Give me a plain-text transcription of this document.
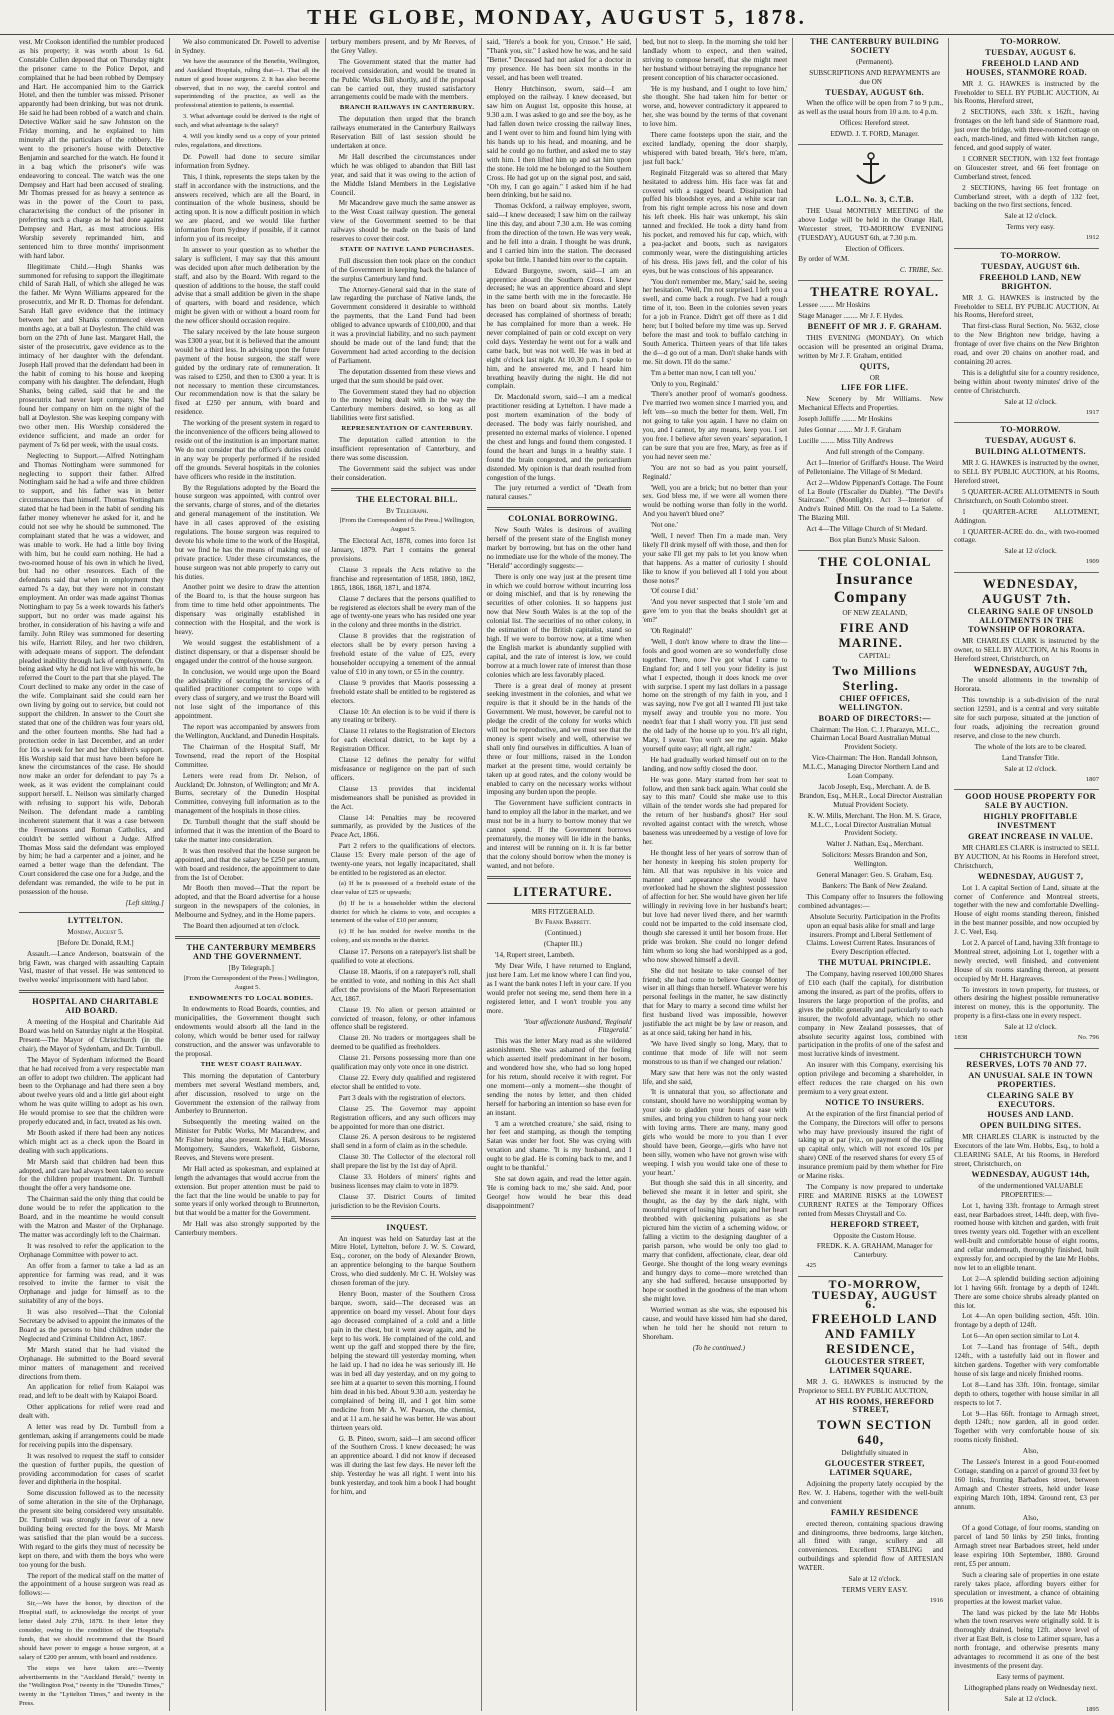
THE GLOBE, MONDAY, AUGUST 5, 1878.

vest. Mr Cookson identified the tumbler produced as his property; it was worth about 1s 6d. Constable Cullen deposed that on Thursday night the prisoner came to the Police Depot, and complained that he had been robbed by Dempsey and Hart. He accompanied him to the Garrick Hotel, and then the tumbler was missed. Prisoner apparently had been drinking, but was not drunk. He said he had been robbed of a watch and chain. Detective Walker said he saw Johnston on the Friday morning, and he explained to him minutely all the particulars of the robbery. He went to the prisoner's house with Detective Benjamin and searched for the watch. He found it in a bag which the prisoner's wife was endeavoring to conceal. The watch was the one Dempsey and Hart had been accused of stealing. Mr Thomas pressed for as heavy a sentence as was in the power of the Court to pass, characterising the conduct of the prisoner in preferring such a charge as he had done against Dempsey and Hart, as most atrocious. His Worship severely reprimanded him, and sentenced him to three months' imprisonment with hard labor.

Illegitimate Child.—Hugh Shanks was summoned for refusing to support the illegitimate child of Sarah Hall, of which she alleged he was the father. Mr Wynn Williams appeared for the prosecutrix, and Mr R. D. Thomas for defendant. Sarah Hall gave evidence that the intimacy between her and Shanks commenced eleven months ago, at a ball at Doyleston. The child was born on the 27th of June last. Margaret Hall, the sister of the prosecutrix, gave evidence as to the intimacy of her daughter with the defendant. Joseph Hall proved that the defendant had been in the habit of coming to his house and keeping company with his daughter. The defendant, Hugh Shanks, being called, said that he and the prosecutrix had never kept company. She had found her company on him on the night of the ball at Doyleston. She was keeping company with two other men. His Worship considered the evidence sufficient, and made an order for payment of 7s 6d per week, with the usual costs.

Neglecting to Support.—Alfred Nottingham and Thomas Nottingham were summoned for neglecting to support their father. Alfred Nottingham said he had a wife and three children to support, and his father was in better circumstances than himself. Thomas Nottingham stated that he had been in the habit of sending his father money whenever he asked for it, and he could not see why he should be summoned. The complainant stated that he was a widower, and was unable to work. He had a little boy living with him, but he could earn nothing. He had a two-roomed house of his own in which he lived, but had no other resources. Each of the defendants said that when in employment they earned 7s a day, but they were not in constant employment. An order was made against Thomas Nottingham to pay 5s a week towards his father's support, but no order was made against his brother, in consideration of his having a wife and family. John Riley was summoned for deserting his wife, Harriett Riley, and her two children, with adequate means of support. The defendant pleaded inability through lack of employment. On being asked why he did not live with his wife, he referred the Court to the part that she played. The Court declined to make any order in the case of the wife. Complainant said she could earn her own living by going out to service, but could not support the children. In answer to the Court she stated that one of the children was four years old, and the other fourteen months. She had had a protection order in last December, and an order for 10s a week for her and her children's support. His Worship said that must have been before he knew the circumstances of the case. He should now make an order for defendant to pay 7s a week, as it was evident the complainant could support herself. L. Neilson was similarly charged with refusing to support his wife, Deborah Neilson. The defendant made a rambling incoherent statement that it was a case between the Freemasons and Roman Catholics, and couldn't be settled without a Judge. Alfred Thomas Moss said the defendant was employed by him; he had a carpenter and a joiner, and he earned a better wage than the defendant. The Court considered the case one for a Judge, and the defendant was remanded, the wife to be put in possession of the house.

[Left sitting.]

LYTTELTON.

Monday, August 5.

[Before Dr. Donald, R.M.]

Assault.—Lance Anderson, boatswain of the brig Fawn, was charged with assaulting Captain Vasl, master of that vessel. He was sentenced to twelve weeks' imprisonment with hard labor.

HOSPITAL AND CHARITABLE AID BOARD.

A meeting of the Hospital and Charitable Aid Board was held on Saturday night at the Hospital. Present—The Mayor of Christchurch (in the chair), the Mayor of Sydenham, and Dr. Turnbull.

The Mayor of Sydenham informed the Board that he had received from a very respectable man an offer to adopt two children. The applicant had been to the Orphanage and had there seen a boy about twelve years old and a little girl about eight whom he was quite willing to adopt as his own. He would promise to see that the children were properly educated and, in fact, treated as his own.

Mr Booth asked if there had been any notices which might act as a check upon the Board in dealing with such applications.

Mr Marsh said that children had been thus adopted, and care had always been taken to secure for the children proper treatment. Dr. Turnbull thought the offer a very handsome one.

The Chairman said the only thing that could be done would be to refer the application to the Board, and in the meantime he would consult with the Matron and Master of the Orphanage. The matter was accordingly left to the Chairman.

It was resolved to refer the application to the Orphanage Committee with power to act.

An offer from a farmer to take a lad as an apprentice for farming was read, and it was resolved to invite the farmer to visit the Orphanage and judge for himself as to the suitability of any of the boys.

It was also resolved—That the Colonial Secretary be advised to appoint the inmates of the Board as the persons to bind children under the Neglected and Criminal Children Act, 1867.

Mr Marsh stated that he had visited the Orphanage. He submitted to the Board several minor matters of management and received directions from them.

An application for relief from Kaiapoi was read, and left to be dealt with by Kaiapoi Board.

Other applications for relief were read and dealt with.

A letter was read by Dr. Turnbull from a gentleman, asking if arrangements could be made for receiving pupils into the dispensary.

It was resolved to request the staff to consider the question of further pupils, the question of providing accommodation for cases of scarlet fever and diphtheria in the hospital.

Some discussion followed as to the necessity of some alteration in the site of the Orphanage, the present site being considered very unsuitable. Dr. Turnbull was strongly in favor of a new building being erected for the boys. Mr Marsh was satisfied that the plan would be a success. With regard to the girls they must of necessity be kept on there, and with them the boys who were too young for the bush.

The report of the medical staff on the matter of the appointment of a house surgeon was read as follows:—

Sir,—We have the honor, by direction of the Hospital staff, to acknowledge the receipt of your letter dated July 27th, 1878. In their letter they consider, owing to the condition of the Hospital's funds, that we should recommend that the Board should have power to engage a house surgeon, at a salary of £200 per annum, with board and residence.

The steps we have taken are:—Twenty advertisements in the "Auckland Herald," twenty in the "Wellington Post," twenty in the "Dunedin Times," twenty in the "Lyttelton Times," and twenty in the Press.

We also communicated Dr. Powell to advertise in Sydney.

We have the assurance of the Benefits, Wellington, and Auckland Hospitals, ruling that—1. That all the nature of good house surgeons. 2. It has also become observed, that in no way, the careful control and superintending of the practice, as well as the professional attention to patients, is essential.

3. What advantage could be derived is the right of such, and what advantage is the salary?

4. Will you kindly send us a copy of your printed rules, regulations, and directions.

Dr. Powell had done to secure similar information from Sydney.

This, I think, represents the steps taken by the staff in accordance with the instructions, and the answers received, which are all the Board, in continuation of the whole business, should be acting upon. It is now a difficult position in which we are placed, and we would like further information from Sydney if possible, if it cannot inform you of its receipt.

In answer to your question as to whether the salary is sufficient, I may say that this amount was decided upon after much deliberation by the staff, and also by the Board. With regard to the question of additions to the house, the staff could advise that a small addition be given in the shape of quarters, with board and residence, which might be given with or without a board room for the new officer should occasion require.

The salary received by the late house surgeon was £300 a year, but it is believed that the amount would be a third less. In advising upon the future payment of the house surgeon, the staff were guided by the ordinary rate of remuneration. It was raised to £250, and then to £300 a year. It is not necessary to mention these circumstances. Our recommendation now is that the salary be fixed at £250 per annum, with board and residence.

The working of the present system in regard to the inconvenience of the officers being allowed to reside out of the institution is an important matter. We do not consider that the officer's duties could in any way be properly performed if he resided off the grounds. Several hospitals in the colonies have officers who reside in the institution.

By the Regulations adopted by the Board the house surgeon was appointed, with control over the servants, charge of stores, and of the dietaries and general management of the institution. We have in all cases approved of the existing regulations. The house surgeon was required to devote his whole time to the work of the Hospital, but we find he has the means of making use of private practice. Under these circumstances, the house surgeon was not able properly to carry out his duties.

Another point we desire to draw the attention of the Board to, is that the house surgeon has from time to time held other appointments. The dispensary was originally established in connection with the Hospital, and the work is heavy.

We would suggest the establishment of a distinct dispensary, or that a dispenser should be engaged under the control of the house surgeon.

In conclusion, we would urge upon the Board the advisability of securing the services of a qualified practitioner competent to cope with every class of surgery, and we trust the Board will not lose sight of the importance of this appointment.

The report was accompanied by answers from the Wellington, Auckland, and Dunedin Hospitals.

The Chairman of the Hospital Staff, Mr Townsend, read the report of the Hospital Committee.

Letters were read from Dr. Nelson, of Auckland; Dr. Johnston, of Wellington; and Mr A. Burns, secretary of the Dunedin Hospital Committee, conveying full information as to the management of the hospitals in those cities.

Dr. Turnbull thought that the staff should be informed that it was the intention of the Board to take the matter into consideration.

It was then resolved that the house surgeon be appointed, and that the salary be £250 per annum, with board and residence, the appointment to date from the 1st of October.

Mr Booth then moved—That the report be adopted, and that the Board advertise for a house surgeon in the newspapers of the colonies, in Melbourne and Sydney, and in the Home papers.

The Board then adjourned at ten o'clock.

THE CANTERBURY MEMBERS AND THE GOVERNMENT.

[By Telegraph.]

[From the Correspondent of the Press.] Wellington, August 5.

ENDOWMENTS TO LOCAL BODIES.

In endowments to Road Boards, counties, and municipalities, the Government thought such endowments would absorb all the land in the colony, which would be better used for railway construction, and the answer was unfavorable to the proposal.

THE WEST COAST RAILWAY.

This morning the deputation of Canterbury members met several Westland members, and, after discussion, resolved to urge on the Government the extension of the railway from Amberley to Brunnerton.

Subsequently the meeting waited on the Minister for Public Works, Mr Macandrew, and Mr Fisher being also present. Mr J. Hall, Messrs Montgomery, Saunders, Wakefield, Gisborne, Reeves, and Stevens were present.

Mr Hall acted as spokesman, and explained at length the advantages that would accrue from the extension. But proper attention must be paid to the fact that the line would be unable to pay for some years if only worked through to Brunnerton, but that would be a matter for the Government.

Mr Hall was also strongly supported by the Canterbury members.

terbury members present, and by Mr Reeves, of the Grey Valley.

The Government stated that the matter had received consideration, and would be treated in the Public Works Bill shortly, and if the proposal can be carried out, they trusted satisfactory arrangements could be made with the members.

BRANCH RAILWAYS IN CANTERBURY.

The deputation then urged that the branch railways enumerated in the Canterbury Railways Reservation Bill of last session should be undertaken at once.

Mr Hall described the circumstances under which he was obliged to abandon that Bill last year, and said that it was owing to the action of the Middle Island Members in the Legislative Council.

Mr Macandrew gave much the same answer as to the West Coast railway question. The general view of the Government seemed to be that railways should be made on the basis of land reserves to cover their cost.

STATE OF NATIVE LAND PURCHASES.

Full discussion then took place on the conduct of the Government in keeping back the balance of the surplus Canterbury land fund.

The Attorney-General said that in the state of law regarding the purchase of Native lands, the Government considered it desirable to withhold the payments, that the Land Fund had been obliged to advance upwards of £100,000, and that it was a provincial liability, and no such payment should be made out of the land fund; that the Government had acted according to the decision of Parliament.

The deputation dissented from these views and urged that the sum should be paid over.

The Government stated they had no objection to the money being dealt with in the way the Canterbury members desired, so long as all liabilities were first satisfied.

REPRESENTATION OF CANTERBURY.

The deputation called attention to the insufficient representation of Canterbury, and there was some discussion.

The Government said the subject was under their consideration.

THE ELECTORAL BILL.

By Telegraph.

[From the Correspondent of the Press.] Wellington, August 5.

The Electoral Act, 1878, comes into force 1st January, 1879. Part I contains the general provisions.

Clause 3 repeals the Acts relative to the franchise and representation of 1858, 1860, 1862, 1865, 1866, 1868, 1871, and 1874.

Clause 7 declares that the persons qualified to be registered as electors shall be every man of the age of twenty-one years who has resided one year in the colony and three months in the district.

Clause 8 provides that the registration of electors shall be by every person having a freehold estate of the value of £25, every householder occupying a tenement of the annual value of £10 in any town, or £5 in the country.

Clause 9 provides that Maoris possessing a freehold estate shall be entitled to be registered as electors.

Clause 10: An election is to be void if there is any treating or bribery.

Clause 11 relates to the Registration of Electors for each electoral district, to be kept by a Registration Officer.

Clause 12 defines the penalty for wilful misfeasance or negligence on the part of such officers.

Clause 13 provides that incidental misdemeanors shall be punished as provided in the Act.

Clause 14: Penalties may be recovered summarily, as provided by the Justices of the Peace Act, 1866.

Part 2 refers to the qualifications of electors. Clause 15: Every male person of the age of twenty-one years, not legally incapacitated, shall be entitled to be registered as an elector.

(a) If he is possessed of a freehold estate of the clear value of £25 or upwards;

(b) If he is a householder within the electoral district for which he claims to vote, and occupies a tenement of the value of £10 per annum;

(c) If he has resided for twelve months in the colony, and six months in the district.

Clause 17. Persons on a ratepayer's list shall be qualified to vote at elections.

Clause 18. Maoris, if on a ratepayer's roll, shall be entitled to vote, and nothing in this Act shall affect the provisions of the Maori Representation Act, 1867.

Clause 19. No alien or person attainted or convicted of treason, felony, or other infamous offence shall be registered.

Clause 20. No traders or mortgagees shall be deemed to be qualified as freeholders.

Clause 21. Persons possessing more than one qualification may only vote once in one district.

Clause 22. Every duly qualified and registered elector shall be entitled to vote.

Part 3 deals with the registration of electors.

Clause 25. The Governor may appoint Registration officers, and any such officers may be appointed for more than one district.

Clause 26. A person desirous to be registered shall send in a form of claim as in the schedule.

Clause 30. The Collector of the electoral roll shall prepare the list by the 1st day of April.

Clause 33. Holders of miners' rights and business licenses may claim to vote in 1879.

Clause 37. District Courts of limited jurisdiction to be the Revision Courts.

INQUEST.

An inquest was held on Saturday last at the Mitre Hotel, Lyttelton, before J. W. S. Coward, Esq., coroner, on the body of Alexander Brown, an apprentice belonging to the barque Southern Cross, who died suddenly. Mr C. H. Wolsley was chosen foreman of the jury.

Henry Boon, master of the Southern Cross barque, sworn, said—The deceased was an apprentice on board my vessel. About four days ago deceased complained of a cold and a little pain in the chest, but it went away again, and he kept to his work. He complained of the cold, and went up the gaff and stopped there by the fire, helping the steward till yesterday morning, when he laid up. I had no idea he was seriously ill. He was in bed all day yesterday, and on my going to see him at a quarter to seven this morning, I found him dead in his bed. About 9.30 a.m. yesterday he complained of being ill, and I got him some medicine from Mr A. W. Pearson, the chemist, and at 11 a.m. he said he was better. He was about thirteen years old.

G. B. Pineo, sworn, said—I am second officer of the Southern Cross. I knew deceased; he was an apprentice aboard. I did not know if deceased was ill during the last few days. He never left the ship. Yesterday he was all right. I went into his bunk yesterday, and took him a book I had bought for him, and

said, "Here's a book for you, Crusoe." He said, "Thank you, sir." I asked how he was, and he said "Better." Deceased had not asked for a doctor in my presence. He has been six months in the vessel, and has been well treated.

Henry Hutchinson, sworn, said—I am employed on the railway. I knew deceased, but saw him on August 1st, opposite this house, at 9.30 a.m. I was asked to go and see the boy, as he had fallen down twice crossing the railway lines, and I went over to him and found him lying with his hands up to his head, and moaning, and he said he could go no further, and asked me to stay with him. I then lifted him up and sat him upon the stone. He told me he belonged to the Southern Cross. He had got up on the signal post, and said, "Oh my, I can go again." I asked him if he had been drinking, but he said no.

Thomas Ockford, a railway employee, sworn, said—I knew deceased; I saw him on the railway line this day, and about 7.30 a.m. He was coming from the direction of the town. He was very weak, and he fell into a drain. I thought he was drunk, and I carried him into the station. The deceased spoke but little. I handed him over to the captain.

Edward Burgoyne, sworn, said—I am an apprentice aboard the Southern Cross. I knew deceased; he was an apprentice aboard and slept in the same berth with me in the forecastle. He has been on board about six months. Lately deceased has complained of shortness of breath; he has complained for more than a week. He never complained of pain or cold except on very cold days. Yesterday he went out for a walk and came back, but was not well. He was in bed at eight o'clock last night. At 10.30 p.m. I spoke to him, and he answered me, and I heard him breathing heavily during the night. He did not complain.

Dr. Macdonald sworn, said—I am a medical practitioner residing at Lyttelton. I have made a post mortem examination of the body of deceased. The body was fairly nourished, and presented no external marks of violence. I opened the chest and lungs and found them congested. I found the heart and lungs in a healthy state. I found the brain congested, and the pericardium distended. My opinion is that death resulted from congestion of the lungs.

The jury returned a verdict of "Death from natural causes."

COLONIAL BORROWING.

New South Wales is desirous of availing herself of the present state of the English money market by borrowing, but has on the other hand no immediate use for the whole of the money. The "Herald" accordingly suggests:—

There is only one way just at the present time in which we could borrow without incurring loss or doing mischief, and that is by renewing the securities of other colonies. It so happens just now that New South Wales is at the top of the colonial list. The securities of no other colony, in the estimation of the British capitalist, stand so high. If we were to borrow now, at a time when the English market is abundantly supplied with capital, and the rate of interest is low, we could borrow at a much lower rate of interest than those colonies which are less favorably placed.

There is a great deal of money at present seeking investment in the colonies, and what we require is that it should be in the hands of the Government. We must, however, be careful not to pledge the credit of the colony for works which will not be reproductive, and we must see that the money is spent wisely and well, otherwise we shall only find ourselves in difficulties. A loan of three or four millions, raised in the London market at the present time, would certainly be taken up at good rates, and the colony would be enabled to carry on the necessary works without imposing any burden upon the people.

The Government have sufficient contracts in hand to employ all the labor in the market, and we must not be in a hurry to borrow money that we cannot spend. If the Government borrows prematurely, the money will lie idle in the banks, and interest will be running on it. It is far better that the colony should borrow when the money is wanted, and not before.

LITERATURE.

MRS FITZGERALD.

By Frank Barrett.

(Continued.)

(Chapter III.)

'14, Rupert street, Lambeth.

'My Dear Wife, I have returned to England, just here I am. Let me know where I can find you, as I want the bank notes I left in your care. If you would prefer not seeing me, send them here in a registered letter, and I won't trouble you any more.

'Your affectionate husband, 'Reginald Fitzgerald.'

This was the letter Mary read as she wildered astonishment. She was ashamed of the feeling which asserted itself predominant in her bosom, and wondered how she, who had so long hoped for his return, should receive it with regret. For one moment—only a moment—she thought of sending the notes by letter, and then chided herself for harboring an intention so base even for an instant.

'I am a wretched creature,' she said, rising to her feet and stamping, as though the tempting Satan was under her foot. She was crying with vexation and shame. 'It is my husband, and I ought to be glad. He is coming back to me, and I ought to be thankful.'

She sat down again, and read the letter again. 'He is coming back to me,' she said. And, poor George! how would he bear this dead disappointment?

bed, but not to sleep. In the morning she told her landlady whom to expect, and then waited, striving to compose herself, that she might meet her husband without betraying the repugnance her present conception of his character occasioned.

'He is my husband, and I ought to love him,' she thought. She had taken him for better or worse, and, however contradictory it appeared to her, she was bound by the terms of that covenant to love him.

There came footsteps upon the stair, and the excited landlady, opening the door sharply, whispered with bated breath, 'He's here, m'am, just full back.'

Reginald Fitzgerald was so altered that Mary hesitated to address him. His face was fat and covered with a ragged beard. Dissipation had puffed his bloodshot eyes, and a white scar ran from his right temple across his nose and down his left cheek. His hair was unkempt, his skin tanned and freckled. He took a dirty hand from his pocket, and removed his fur cap, which, with a pea-jacket and boots, such as navigators commonly wear, were the distinguishing articles of his dress. His jaws fell, and the color of his eyes, but he was conscious of his appearance.

'You don't remember me, Mary,' said he, seeing her hesitation. 'Well, I'm not surprised. I left you a swell, and come back a rough. I've had a rough time of it, too. Been in the colonies seven years for a job in France. Didn't get off there as I did here; but I bolted before my time was up. Served before the mast and took to buffalo catching in South America. Thirteen years of that life takes the d—d go out of a man. Don't shake hands with me. Sit down. I'll do the same.'

'I'm a better man now, I can tell you.'

'Only to you, Reginald.'

'There's another proof of woman's goodness. I've married two women since I married you, and left 'em—so much the better for them. Well, I'm not going to take you again. I have no claim on you, and I cannot, by any means, keep you. I set you free. I believe after seven years' separation, I can be sure that you are free, Mary, as free as if you had never seen me.'

'You are not so bad as you paint yourself, Reginald.'

'Well, you are a brick; but no better than your sex. God bless me, if we were all women there would be nothing worse than folly in the world. And you haven't blued one?'

'Not one.'

'Well, I never! Then I'm a made man. Very likely I'll drink myself off with those, and then for your sake I'll get my pals to let you know when that happens. As a matter of curiosity I should like to know if you believed all I told you about those notes?'

'Of course I did.'

'And you never suspected that I stole 'em and gave 'em to you that the beaks shouldn't get at 'em?'

'Oh Reginald!'

'Well, I don't know where to draw the line—fools and good women are so wonderfully close together. There, now I've got what I came to England for; and I tell you your fidelity is just what I expected, though it does knock me over with surprise. I spent my last dollars in a passage home on the strength of my faith in you, and I was saying, now I've got all I wanted I'll just take myself away and trouble you no more. You needn't fear that I shall worry you. I'll just send the old lady of the house up to you. It's all right, Mary, I swear. You won't see me again. Make yourself quite easy; all right, all right.'

He had gradually worked himself out on to the landing, and now softly closed the door.

He was gone. Mary started from her seat to follow, and then sank back again. What could she say to this man? Could she make use to this villain of the tender words she had prepared for the return of her husband's ghost? Her soul revolted against contact with the wretch, whose baseness was unredeemed by a vestige of love for her.

He thought less of her years of sorrow than of her honesty in keeping his stolen property for him. All that was repulsive in his voice and manner and appearance she would have overlooked had he shown the slightest possession of affection for her. She would have given her life willingly in reviving love in her husband's heart; but love had never lived there, and her warmth could not be imparted to the cold insensate clod, though she caressed it until her bosom froze. Her pride was broken. She could no longer defend him whom so long she had worshipped as a god, who now showed himself a devil.

She did not hesitate to take counsel of her friend; she had come to believe George Montey wiser in all things than herself. Whatever were his personal feelings in the matter, he saw distinctly that for Mary to marry a second time whilst her first husband lived was impossible, however justifiable the act might be by law or reason, and as at once said, taking her hand in his,

'We have lived singly so long, Mary, that to continue that mode of life will not seem monstrous to us than if we changed our relation.'

Mary saw that here was not the only wasted life, and she said,

'It is unnatural that you, so affectionate and constant, should have no worshipping woman by your side to gladden your hours of ease with smiles, and bring you children to hang your neck with loving arms. There are many, many good girls who would be more to you than I ever should have been, George,—girls who have not been silly, women who have not grown wise with weeping. I wish you would take one of these to your heart.'

But though she said this in all sincerity, and believed she meant it in letter and spirit, she thought, as the day by the dark night, with mournful regret of losing him again; and her heart throbbed with quickening pulsations as she pictured him the victim of a scheming widow, or falling a victim to the designing daughter of a parish parson, who would be only too glad to marry that confident, affectionate, clear, dear old George. She thought of the long weary evenings and hungry days to come—more wretched than any she had suffered, because unsupported by hope or soothed in the goodness of the man whom she might love.

Worried woman as she was, she espoused his cause, and would have kissed him had she dared, when he told her he should not return to Shoreham.

(To be continued.)

THE CANTERBURY BUILDING SOCIETY

(Permanent).

SUBSCRIPTIONS AND REPAYMENTS are due ON

TUESDAY, AUGUST 6th.

When the office will be open from 7 to 9 p.m., as well as the usual hours from 10 a.m. to 4 p.m.

Offices: Hereford street.

EDWD. J. T. FORD, Manager.

L.O.L. No. 3, C.T.B.

THE Usual MONTHLY MEETING of the above Lodge will be held in the Orange Hall, Worcester street, TO-MORROW EVENING (TUESDAY), AUGUST 6th, at 7.30 p.m.

Election of Officers.

By order of W.M.

C. TRIBE, Sec.

THEATRE ROYAL.

Lessee ........ Mr Hoskins

Stage Manager ........ Mr J. F. Hydes.

BENEFIT OF MR J. F. GRAHAM.

THIS EVENING (MONDAY). On which occasion will be presented an original Drama, written by Mr J. F. Graham, entitled

QUITS,

OR

LIFE FOR LIFE.

New Scenery by Mr Williams. New Mechanical Effects and Properties.

Joseph Jolliffe ........ Mr Hoskins

Jules Gonnar ........ Mr J. F. Graham

Lucille ........ Miss Tilly Andrews

And full strength of the Company.

Act I—Interior of Griffard's House. The Weird of Pelletoniaine. The Village of St Medard.

Act 2—Widow Pippenard's Cottage. The Fount of La Boule (l'Escalier du Diable). "The Devil's Staircase." (Moonlight). Act 3—Interior of Andre's Ruined Mill. On the road to La Salette. The Blazing Mill.

Act 4—The Village Church of St Medard.

Box plan Bunz's Music Saloon.

THE COLONIAL

Insurance Company

OF NEW ZEALAND,

FIRE AND MARINE.

CAPITAL:

Two Millions Sterling.

CHIEF OFFICES, WELLINGTON.

BOARD OF DIRECTORS:—

Chairman: The Hon. C. J. Pharazyn, M.L.C., Chairman Local Board Australian Mutual Provident Society.

Vice-Chairman: The Hon. Randall Johnson, M.L.C., Managing Director Northern Land and Loan Company.

Jacob Joseph, Esq., Merchant. A. de B. Brandon, Esq., M.H.R., Local Director Australian Mutual Provident Society.

K. W. Mills, Merchant. The Hon. M. S. Grace, M.L.C., Local Director Australian Mutual Provident Society.

Walter J. Nathan, Esq., Merchant.

Solicitors: Messrs Brandon and Son, Wellington.

General Manager: Geo. S. Graham, Esq.

Bankers: The Bank of New Zealand.

This Company offer to Insurers the following combined advantages:—

Absolute Security. Participation in the Profits upon an equal basis alike for small and large insurers. Prompt and Liberal Settlement of Claims. Lowest Current Rates. Insurances of Every Description effected.

THE MUTUAL PRINCIPLE.

The Company, having reserved 100,000 Shares of £10 each (half the capital), for distribution among the insured, as part of the profits, offers to Insurers the large proportion of the profits, and gives the public generally and particularly to each insurer, the twofold advantage, which no other company in New Zealand possesses, that of absolute security against loss, combined with participation in the profits of one of the safest and most lucrative kinds of investment.

An insurer with this Company, exercising his option privilege and becoming a shareholder, in effect reduces the rate charged on his own premium to a very great extent.

NOTICE TO INSURERS.

At the expiration of the first financial period of the Company, the Directors will offer to persons who may have previously insured the right of taking up at par (viz., on payment of the calling up capital only, which will not exceed 10s per share) ONE of the reserved shares for every £5 of insurance premium paid by them whether for Fire or Marine risks.

The Company is now prepared to undertake FIRE and MARINE RISKS at the LOWEST CURRENT RATES at the Temporary Offices rented from Messrs Chrystall and Co.

HEREFORD STREET,

Opposite the Custom House.

FREDK. K. A. GRAHAM, Manager for Canterbury.

425

TO-MORROW,

TUESDAY, AUGUST 6.

FREEHOLD LAND AND FAMILY RESIDENCE,

GLOUCESTER STREET, LATIMER SQUARE.

MR J. G. HAWKES is instructed by the Proprietor to SELL BY PUBLIC AUCTION,

AT HIS ROOMS, HEREFORD STREET,

TOWN SECTION 640,

Delightfully situated in

GLOUCESTER STREET, LATIMER SQUARE,

Adjoining the property lately occupied by the Rev. W. J. Habens, together with the well-built and convenient

FAMILY RESIDENCE

erected thereon, containing spacious drawing and diningrooms, three bedrooms, large kitchen, all fitted with range, scullery and all conveniences. Excellent STABLING and outbuildings and splendid flow of ARTESIAN WATER.

Sale at 12 o'clock.

TERMS VERY EASY.

1916

TO-MORROW.

TUESDAY, AUGUST 6.

FREEHOLD LAND AND HOUSES, STANMORE ROAD.

MR J. G. HAWKES is instructed by the Freeholder to SELL BY PUBLIC AUCTION, At his Rooms, Hereford street,

2 SECTIONS, each 33ft. x 162ft., having frontages on the left hand side of Stanmore road, just over the bridge, with three-roomed cottage on each, match-lined, and fitted with kitchen range, fenced, and good supply of water.

1 CORNER SECTION, with 132 feet frontage on Gloucester street, and 66 feet frontage on Cumberland street, fenced.

2 SECTIONS, having 66 feet frontage on Cumberland street, with a depth of 132 feet, backing on the two first sections, fenced.

Sale at 12 o'clock.

Terms very easy.

1912

TO-MORROW.

TUESDAY, AUGUST 6th.

FREEHOLD LAND, NEW BRIGHTON.

MR J. G. HAWKES is instructed by the Freeholder to SELL BY PUBLIC AUCTION, At his Rooms, Hereford street,

That first-class Rural Section, No. 5632, close to the New Brighton new bridge, having a frontage of over five chains on the New Brighton road, and over 20 chains on another road, and containing 20 acres.

This is a delightful site for a country residence, being within about twenty minutes' drive of the centre of Christchurch.

Sale at 12 o'clock.

1917

TO-MORROW.

TUESDAY, AUGUST 6.

BUILDING ALLOTMENTS.

MR J. G. HAWKES is instructed by the owner, to SELL BY PUBLIC AUCTION, at his Rooms, Hereford street,

5 QUARTER-ACRE ALLOTMENTS in South Christchurch, on South Colombo street.

1 QUARTER-ACRE ALLOTMENT, Addington.

1 QUARTER-ACRE do. do., with two-roomed cottage.

Sale at 12 o'clock.

1909

WEDNESDAY, AUGUST 7th.

CLEARING SALE OF UNSOLD ALLOTMENTS IN THE TOWNSHIP OF HORORATA.

MR CHARLES CLARK is instructed by the owner, to SELL BY AUCTION, At his Rooms in Hereford street, Christchurch, on

WEDNESDAY, AUGUST 7th,

The unsold allotments in the township of Hororata.

This township is a sub-division of the rural section 12591, and is a central and very suitable site for such purpose, situated at the junction of four roads, adjoining the recreation ground reserve, and close to the new church.

The whole of the lots are to be cleared.

Land Transfer Title.

Sale at 12 o'clock.

1807

GOOD HOUSE PROPERTY FOR SALE BY AUCTION.

HIGHLY PROFITABLE INVESTMENT

GREAT INCREASE IN VALUE.

MR CHARLES CLARK is instructed to SELL BY AUCTION, At his Rooms in Hereford street, Christchurch,

WEDNESDAY, AUGUST 7,

Lot 1. A capital Section of Land, situate at the corner of Conference and Montreal streets, together with the new and comfortable Dwelling-House of eight rooms standing thereon, finished in the best manner possible, and now occupied by J. C. Veel, Esq.

Lot 2. A parcel of Land, having 33ft frontage to Montreal street, adjoining Lot 1, together with a newly erected, well finished, and convenient House of six rooms standing thereon, at present occupied by Mr H. Hargreaves.

To investors in town property, for trustees, or others desiring the highest possible remunerative interest on money, this is the opportunity. The property is a first-class one in every respect.

Sale at 12 o'clock.

1838	No. 796

CHRISTCHURCH TOWN RESERVES, LOTS 70 AND 77.

AN UNUSUAL SALE IN TOWN PROPERTIES.

CLEARING SALE BY EXECUTORS.

HOUSES AND LAND.

OPEN BUILDING SITES.

MR CHARLES CLARK is instructed by the Executors of the late Wm. Hobbs, Esq., to hold a CLEARING SALE, At his Rooms, in Hereford street, Christchurch, on

WEDNESDAY, AUGUST 14th,

of the undermentioned VALUABLE PROPERTIES:—

Lot 1, having 33ft. frontage to Armagh street east, near Barbadoes street, 144ft. deep, with five-roomed house with kitchen and garden, with fruit trees twenty years old. Together with an excellent well-built and comfortable house of eight rooms, and cellar underneath, thoroughly finished, built expressly for, and occupied by the late Mr Hobbs, now let to an eligible tenant.

Lot 2—A splendid building section adjoining lot 1 having 66ft. frontage by a depth of 124ft. There are some choice shrubs already planted on this lot.

Lot 4—An open building section, 45ft. 10in. frontage by a depth of 124ft.

Lot 6—An open section similar to Lot 4.

Lot 7—Land has frontage of 54ft., depth 124ft., with a tastefully laid out in flower and kitchen gardens. Together with very comfortable house of six large and nicely finished rooms.

Lot 8—Land has 33ft. 10in. frontage, similar depth to others, together with house similar in all respects to lot 7.

Lot 9—Has 66ft. frontage to Armagh street, depth 124ft.; now garden, all in good order. Together with very comfortable house of six rooms nicely finished.

Also,

The Lessee's Interest in a good Four-roomed Cottage, standing on a parcel of ground 33 feet by 160 links, fronting Barbadoes street, between Armagh and Chester streets, held under lease expiring March 10th, 1894. Ground rent, £3 per annum.

Also,

Of a good Cottage, of four rooms, standing on parcel of land 50 links by 250 links, fronting Armagh street near Barbadoes street, held under lease expiring 10th September, 1880. Ground rent, £5 per annum.

Such a clearing sale of properties in one estate rarely takes place, affording buyers either for speculation or investment, a chance of obtaining properties at the lowest market value.

The land was picked by the late Mr Hobbs when the town reserves were originally sold. It is thoroughly drained, being 12ft. above level of river at East Belt, is close to Latimer square, has a north frontage, and otherwise presents many advantages to recommend it as one of the best investments of the present day.

Easy terms of payment.

Lithographed plans ready on Wednesday next.

Sale at 12 o'clock.

1895
